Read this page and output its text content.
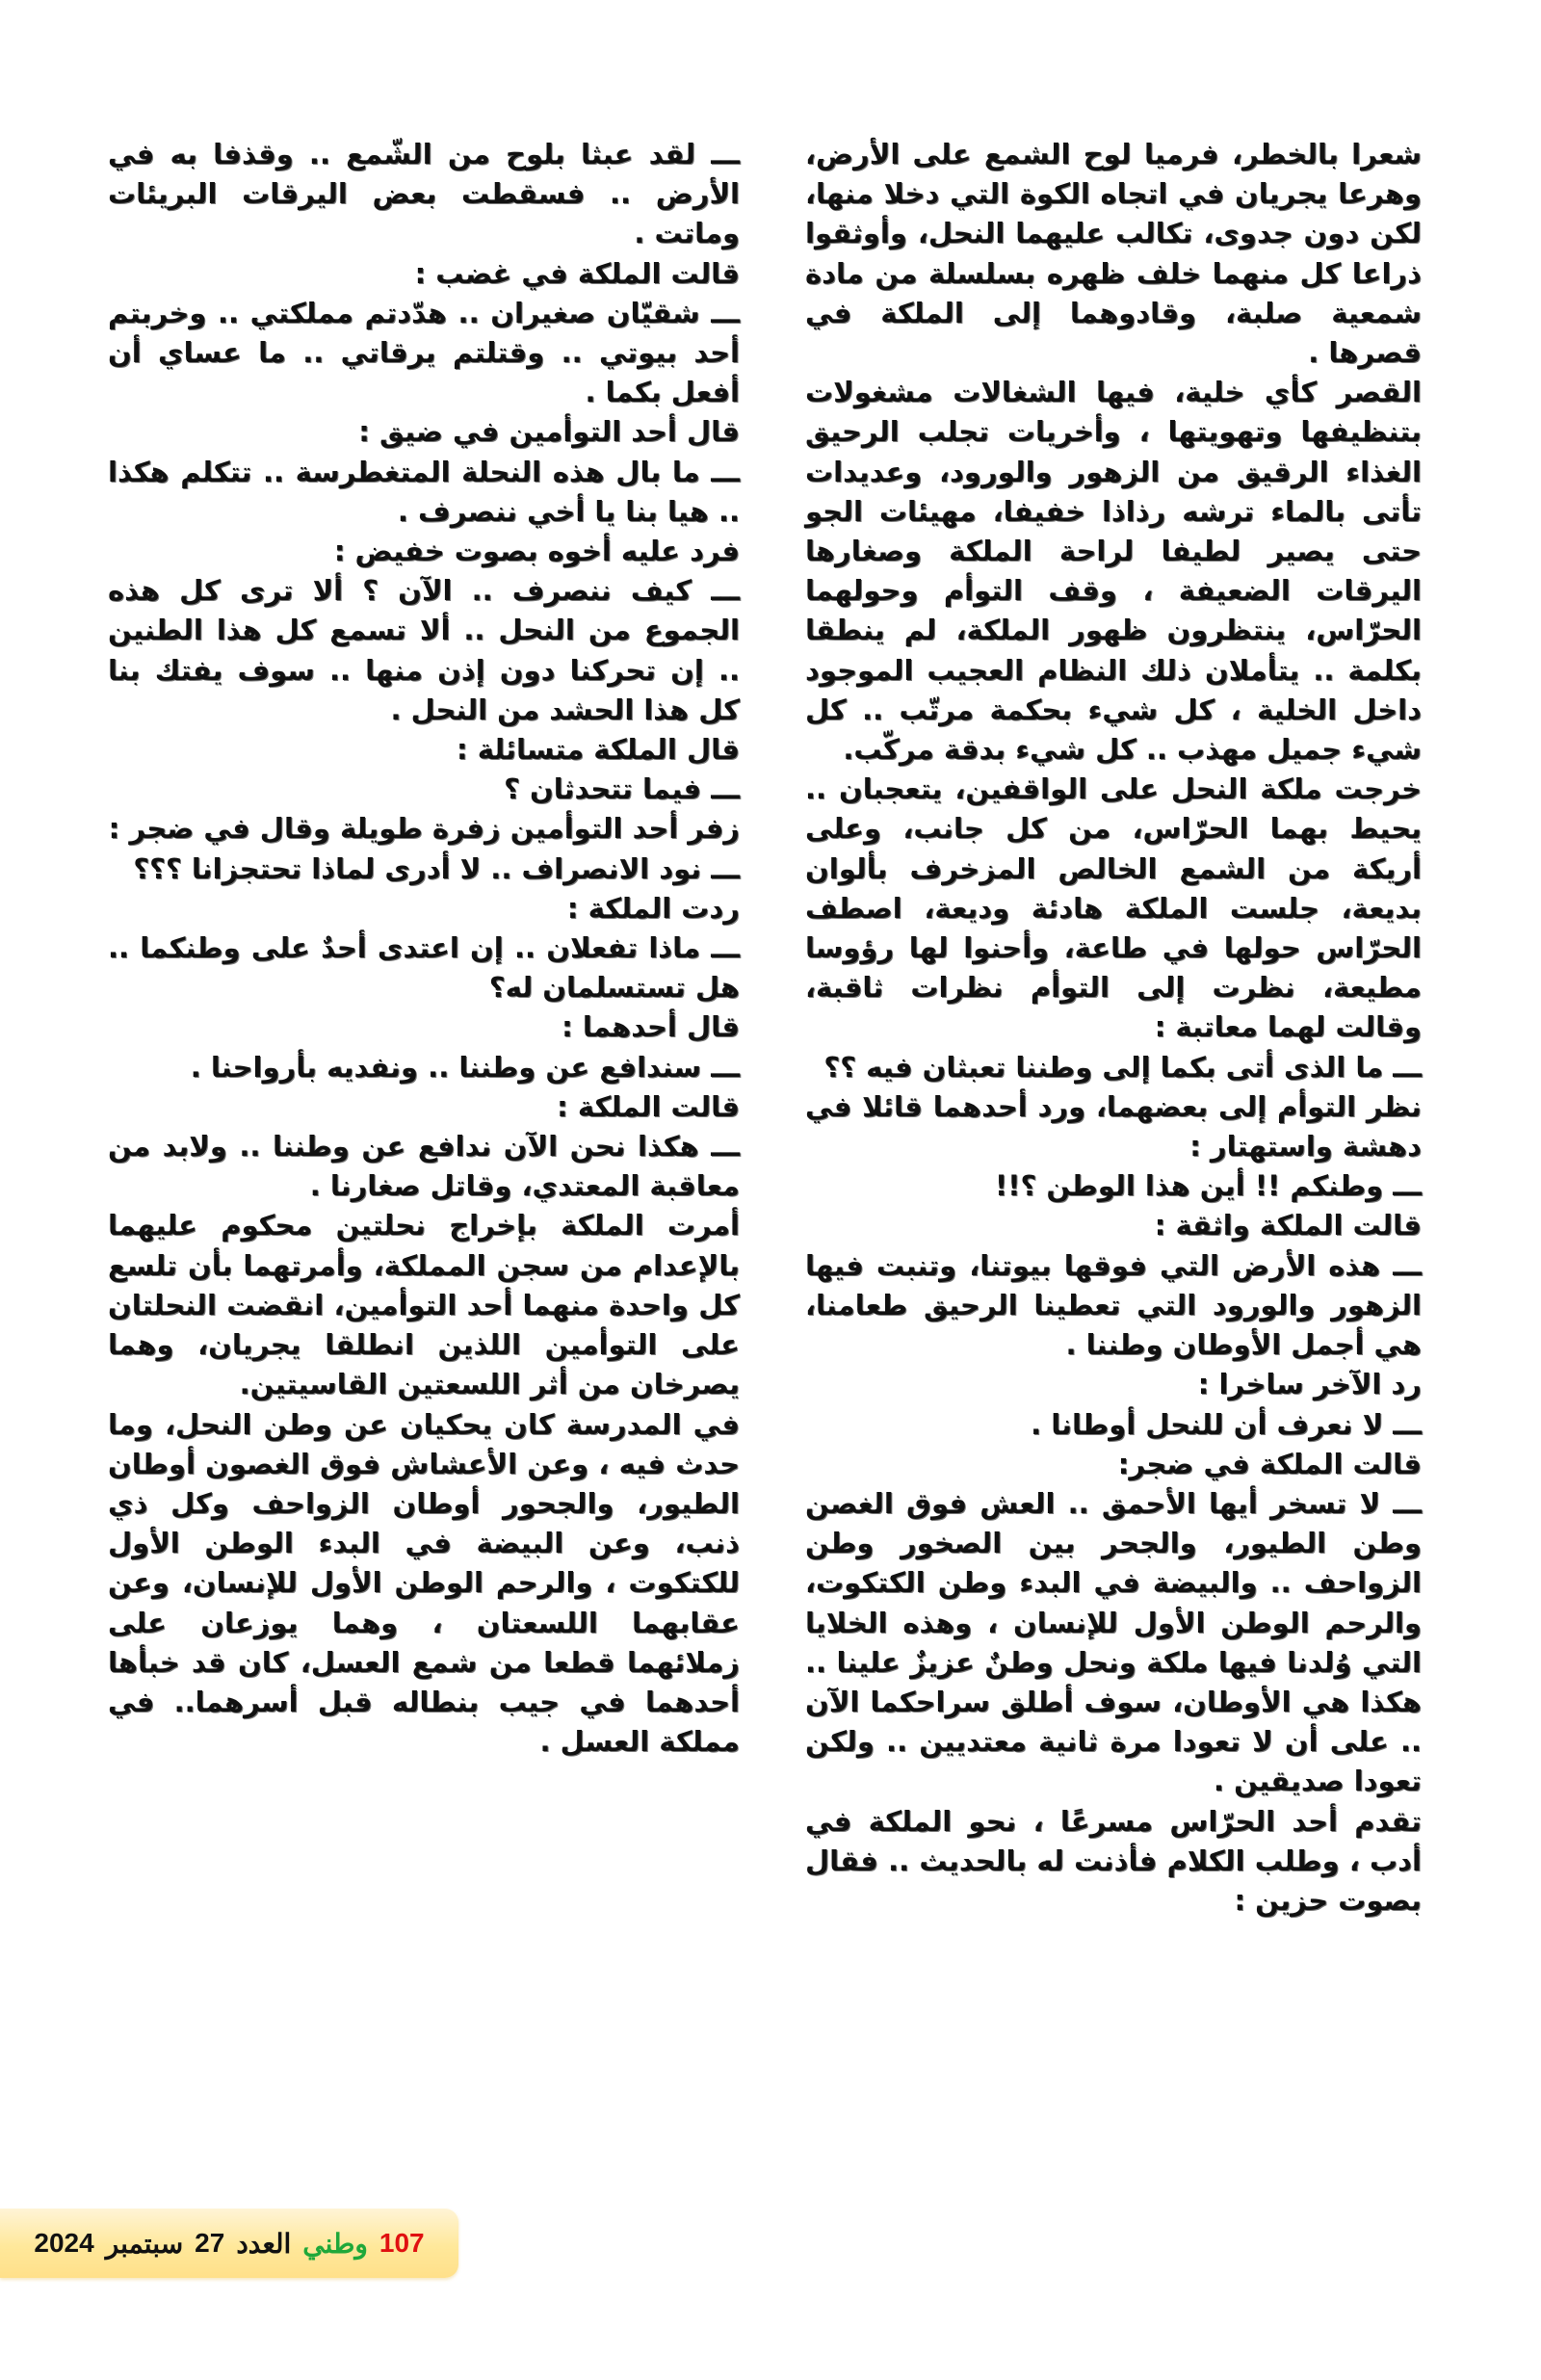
شعرا بالخطر، فرميا لوح الشمع على الأرض، وهرعا يجريان في اتجاه الكوة التي دخلا منها، لكن دون جدوى، تكالب عليهما النحل، وأوثقوا ذراعا كل منهما خلف ظهره بسلسلة من مادة شمعية صلبة، وقادوهما إلى الملكة في قصرها .

القصر كأي خلية، فيها الشغالات مشغولات بتنظيفها وتهويتها ، وأخريات تجلب الرحيق الغذاء الرقيق من الزهور والورود، وعديدات تأتى بالماء ترشه رذاذا خفيفا، مهيئات الجو حتى يصير لطيفا لراحة الملكة وصغارها اليرقات الضعيفة ، وقف التوأم وحولهما الحرّاس، ينتظرون ظهور الملكة، لم ينطقا بكلمة .. يتأملان ذلك النظام العجيب الموجود داخل الخلية ، كل شيء بحكمة مرتّب .. كل شيء جميل مهذب .. كل شيء بدقة مركّب.

خرجت ملكة النحل على الواقفين، يتعجبان .. يحيط بهما الحرّاس، من كل جانب، وعلى أريكة من الشمع الخالص المزخرف بألوان بديعة، جلست الملكة هادئة وديعة، اصطف الحرّاس حولها في طاعة، وأحنوا لها رؤوسا مطيعة، نظرت إلى التوأم نظرات ثاقبة، وقالت لهما معاتبة :

ـــ ما الذى أتى بكما إلى وطننا تعبثان فيه ؟؟

نظر التوأم إلى بعضهما، ورد أحدهما قائلا في دهشة واستهتار :

ـــ وطنكم !! أين هذا الوطن ؟!!

قالت الملكة واثقة :

ـــ هذه الأرض التي فوقها بيوتنا، وتنبت فيها الزهور والورود التي تعطينا الرحيق طعامنا، هي أجمل الأوطان وطننا .

رد الآخر ساخرا :

ـــ لا نعرف أن للنحل أوطانا .

قالت الملكة في ضجر:

ـــ لا تسخر أيها الأحمق .. العش فوق الغصن وطن الطيور، والجحر بين الصخور وطن الزواحف .. والبيضة في البدء وطن الكتكوت، والرحم الوطن الأول للإنسان ، وهذه الخلايا التي وُلدنا فيها ملكة ونحل وطنٌ عزيزٌ علينا .. هكذا هي الأوطان، سوف أطلق سراحكما الآن .. على أن لا تعودا مرة ثانية معتديين .. ولكن تعودا صديقين .

تقدم أحد الحرّاس مسرعًا ، نحو الملكة في أدب ، وطلب الكلام فأذنت له بالحديث .. فقال بصوت حزين :

ـــ لقد عبثا بلوح من الشّمع .. وقذفا به في الأرض .. فسقطت بعض اليرقات البريئات وماتت .

قالت الملكة في غضب :

ـــ شقيّان صغيران .. هدّدتم مملكتي .. وخربتم أحد بيوتي .. وقتلتم يرقاتي .. ما عساي أن أفعل بكما .

قال أحد التوأمين في ضيق :

ـــ ما بال هذه النحلة المتغطرسة .. تتكلم هكذا .. هيا بنا يا أخي ننصرف .

فرد عليه أخوه بصوت خفيض :

ـــ كيف ننصرف .. الآن ؟ ألا ترى كل هذه الجموع من النحل .. ألا تسمع كل هذا الطنين .. إن تحركنا دون إذن منها .. سوف يفتك بنا كل هذا الحشد من النحل .

قال الملكة متسائلة :

ـــ فيما تتحدثان ؟

زفر أحد التوأمين زفرة طويلة وقال في ضجر :

ـــ نود الانصراف .. لا أدرى لماذا تحتجزانا ؟؟؟

ردت الملكة :

ـــ ماذا تفعلان .. إن اعتدى أحدٌ على وطنكما .. هل تستسلمان له؟

قال أحدهما :

ـــ سندافع عن وطننا .. ونفديه بأرواحنا .

قالت الملكة :

ـــ هكذا نحن الآن ندافع عن وطننا .. ولابد من معاقبة المعتدي، وقاتل صغارنا .

أمرت الملكة بإخراج نحلتين محكوم عليهما بالإعدام من سجن المملكة، وأمرتهما بأن تلسع كل واحدة منهما أحد التوأمين، انقضت النحلتان على التوأمين اللذين انطلقا يجريان، وهما يصرخان من أثر اللسعتين القاسيتين.

في المدرسة كان يحكيان عن وطن النحل، وما حدث فيه ، وعن الأعشاش فوق الغصون أوطان الطيور، والجحور أوطان الزواحف وكل ذي ذنب، وعن البيضة في البدء الوطن الأول للكتكوت ، والرحم الوطن الأول للإنسان، وعن عقابهما اللسعتان ، وهما يوزعان على زملائهما قطعا من شمع العسل، كان قد خبأها أحدهما في جيب بنطاله قبل أسرهما.. في مملكة العسل .

107
وطني
العدد
27
سبتمبر
2024
